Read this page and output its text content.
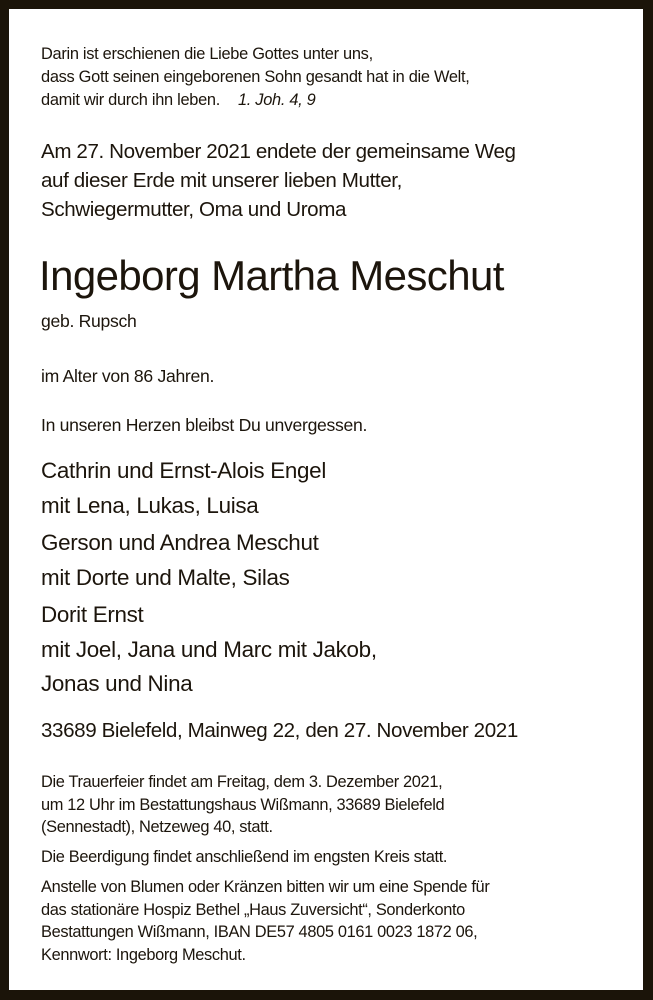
Darin ist erschienen die Liebe Gottes unter uns,
dass Gott seinen eingeborenen Sohn gesandt hat in die Welt,
damit wir durch ihn leben. 1. Joh. 4, 9
Am 27. November 2021 endete der gemeinsame Weg
auf dieser Erde mit unserer lieben Mutter,
Schwiegermutter, Oma und Uroma
Ingeborg Martha Meschut
geb. Rupsch
im Alter von 86 Jahren.
In unseren Herzen bleibst Du unvergessen.
Cathrin und Ernst-Alois Engel
mit Lena, Lukas, Luisa
Gerson und Andrea Meschut
mit Dorte und Malte, Silas
Dorit Ernst
mit Joel, Jana und Marc mit Jakob,
Jonas und Nina
33689 Bielefeld, Mainweg 22, den 27. November 2021
Die Trauerfeier findet am Freitag, dem 3. Dezember 2021,
um 12 Uhr im Bestattungshaus Wißmann, 33689 Bielefeld
(Sennestadt), Netzeweg 40, statt.
Die Beerdigung findet anschließend im engsten Kreis statt.
Anstelle von Blumen oder Kränzen bitten wir um eine Spende für
das stationäre Hospiz Bethel „Haus Zuversicht“, Sonderkonto
Bestattungen Wißmann, IBAN DE57 4805 0161 0023 1872 06,
Kennwort: Ingeborg Meschut.
